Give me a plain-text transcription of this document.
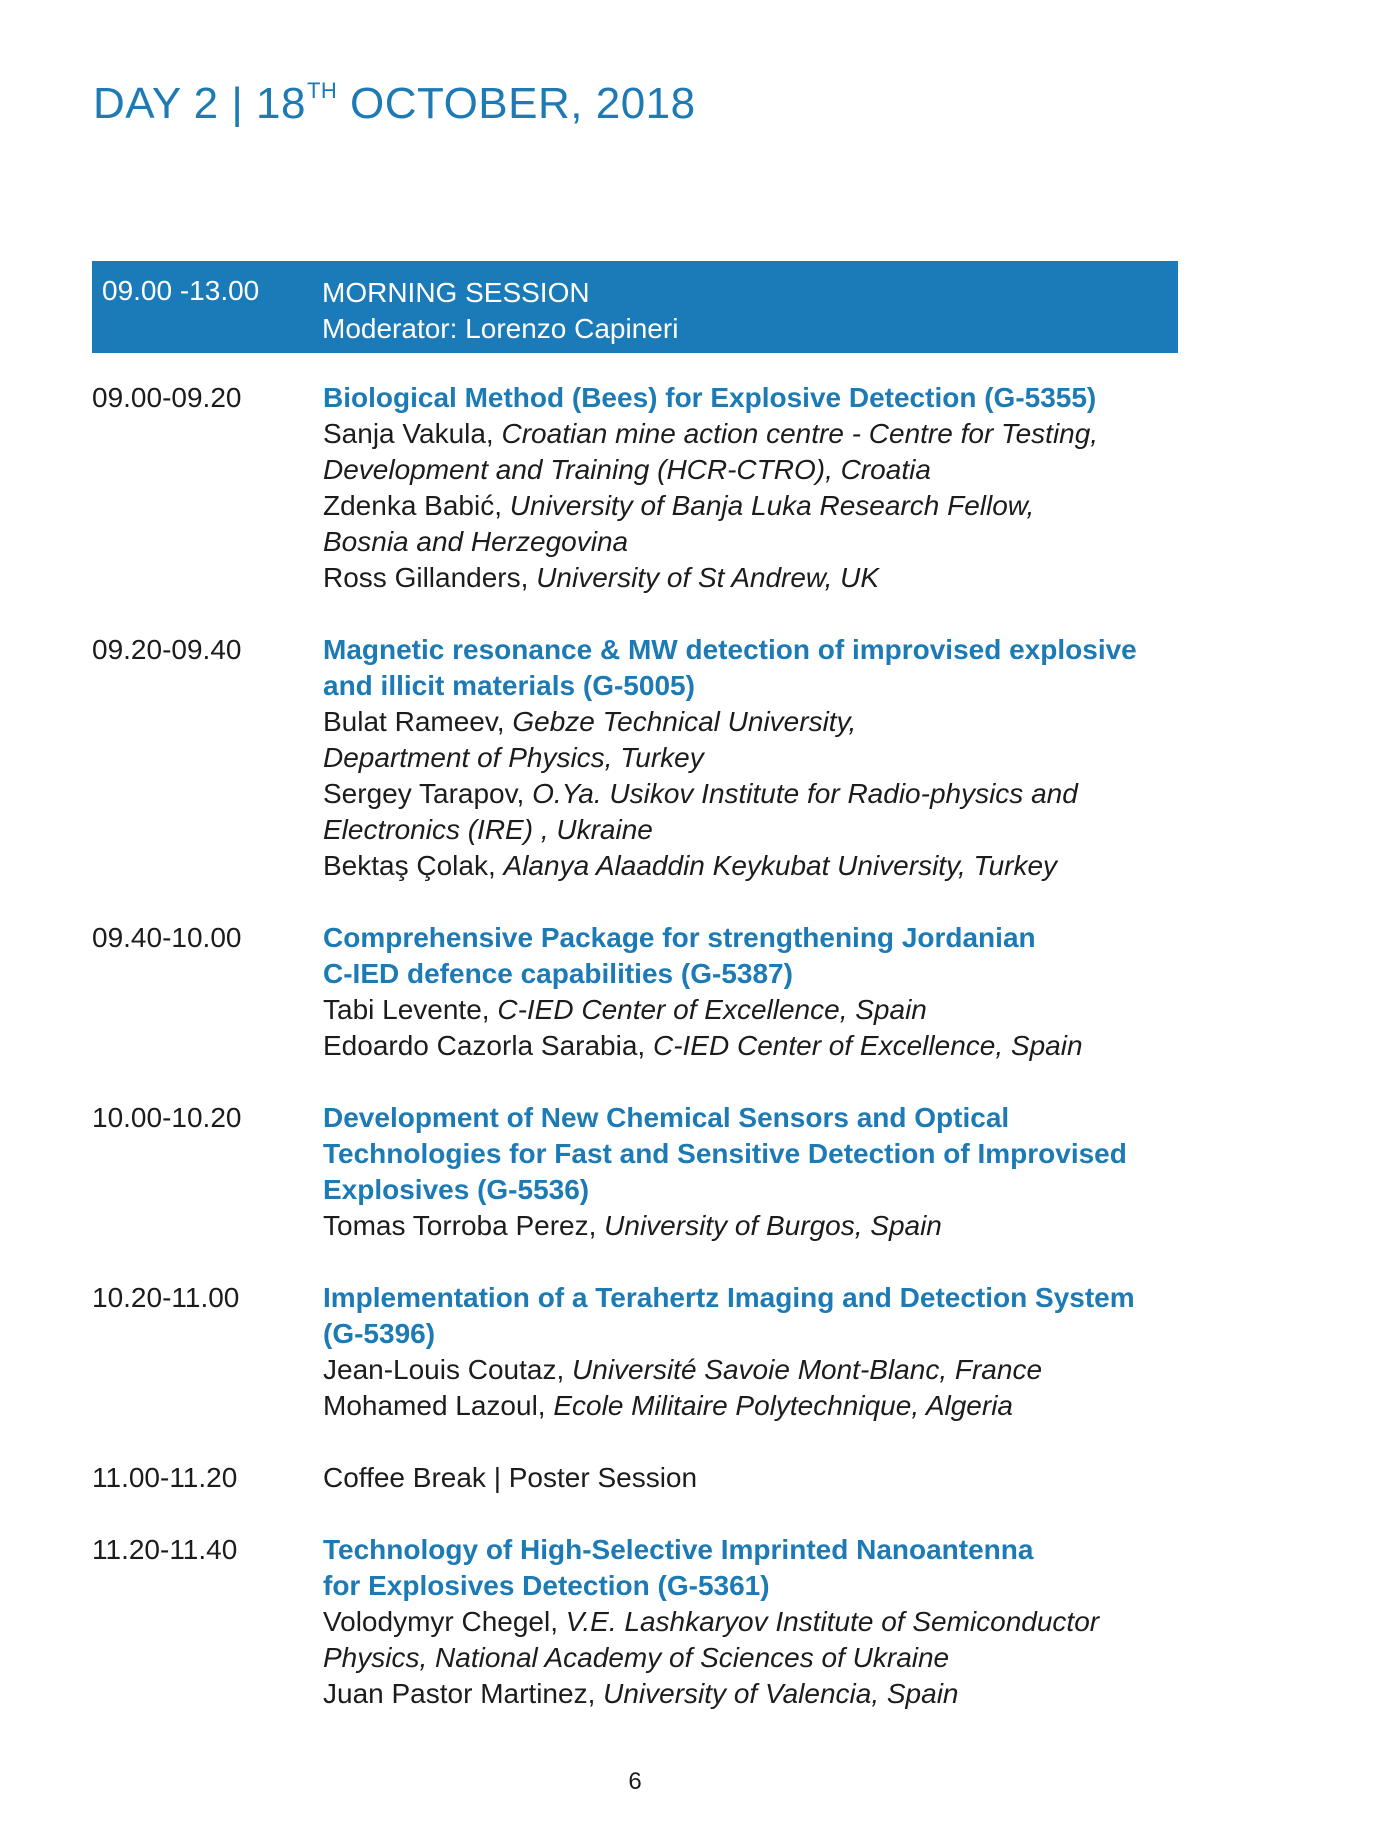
DAY 2 | 18TH OCTOBER, 2018
09.00 -13.00 MORNING SESSION
Moderator: Lorenzo Capineri
09.00-09.20	Biological Method (Bees) for Explosive Detection (G-5355)
Sanja Vakula, Croatian mine action centre - Centre for Testing,
Development and Training (HCR-CTRO), Croatia
Zdenka Babić, University of Banja Luka Research Fellow,
Bosnia and Herzegovina
Ross Gillanders, University of St Andrew, UK
09.20-09.40	Magnetic resonance & MW detection of improvised explosive
and illicit materials (G-5005)
Bulat Rameev, Gebze Technical University,
Department of Physics, Turkey
Sergey Tarapov, O.Ya. Usikov Institute for Radio-physics and
Electronics (IRE) , Ukraine
Bektaş Çolak, Alanya Alaaddin Keykubat University, Turkey
09.40-10.00	Comprehensive Package for strengthening Jordanian
C-IED defence capabilities (G-5387)
Tabi Levente, C-IED Center of Excellence, Spain
Edoardo Cazorla Sarabia, C-IED Center of Excellence, Spain
10.00-10.20	Development of New Chemical Sensors and Optical
Technologies for Fast and Sensitive Detection of Improvised
Explosives (G-5536)
Tomas Torroba Perez, University of Burgos, Spain
10.20-11.00	Implementation of a Terahertz Imaging and Detection System
(G-5396)
Jean-Louis Coutaz, Université Savoie Mont-Blanc, France
Mohamed Lazoul, Ecole Militaire Polytechnique, Algeria
11.00-11.20	Coffee Break | Poster Session
11.20-11.40	Technology of High-Selective Imprinted Nanoantenna
for Explosives Detection (G-5361)
Volodymyr Chegel, V.E. Lashkaryov Institute of Semiconductor
Physics, National Academy of Sciences of Ukraine
Juan Pastor Martinez, University of Valencia, Spain
6
